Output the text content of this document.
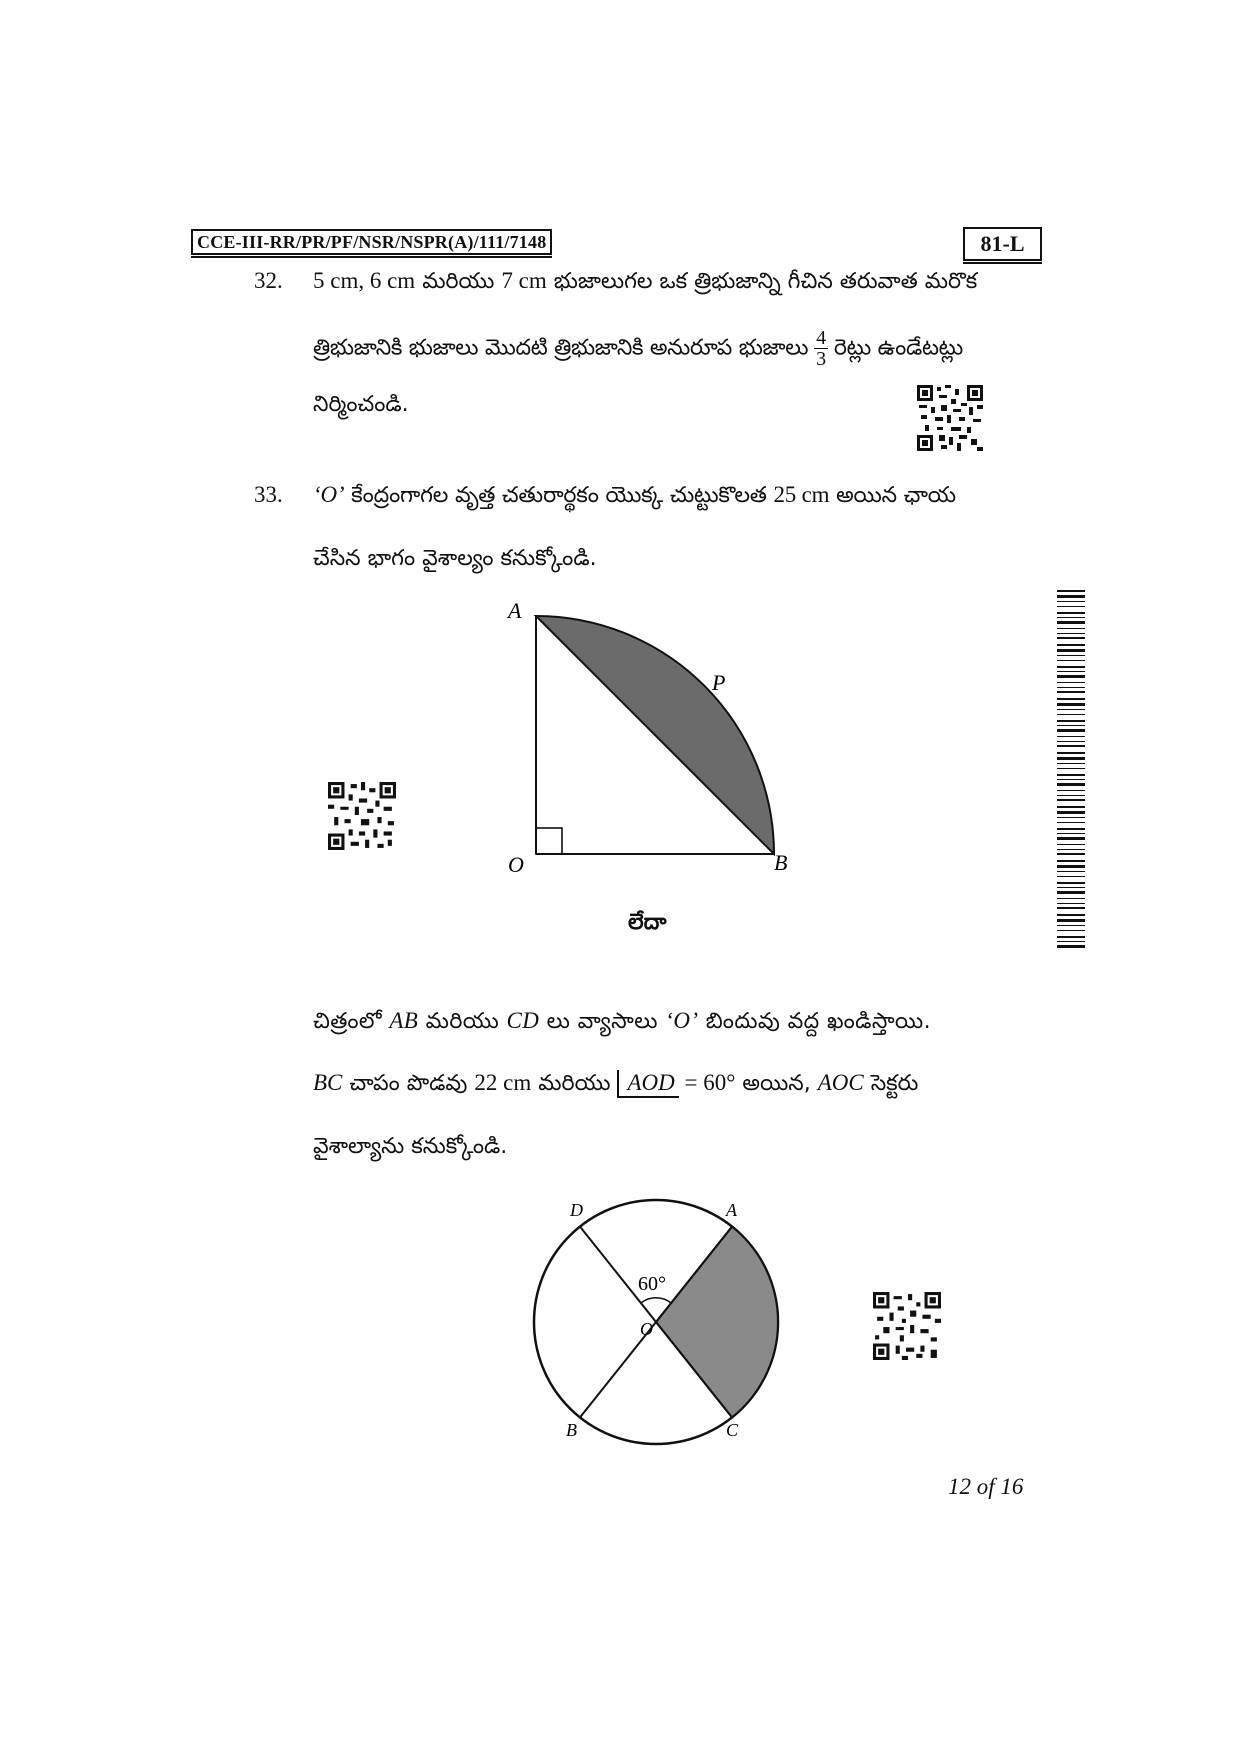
CCE-III-RR/PR/PF/NSR/NSPR(A)/111/7148	81-L
32. 5 cm, 6 cm మరియు 7 cm భుజాలుగల ఒక త్రిభుజాన్ని గీచిన తరువాత మరొక
త్రిభుజానికి భుజాలు మొదటి త్రిభుజానికి అనురూప భుజాలు $\frac{4}{3}$ రెట్లు ఉండేటట్లు
నిర్మించండి.
33. ‘O’ కేంద్రంగాగల వృత్త చతురార్థకం యొక్క చుట్టుకొలత 25 cm అయిన ఛాయ
చేసిన భాగం వైశాల్యం కనుక్కోండి.
A
P
O	B
లేదా
చిత్రంలో AB మరియు CD లు వ్యాసాలు ‘O’ బిందువు వద్ద ఖండిస్తాయి.
BC చాపం పొడవు 22 cm మరియు AOD = 60° అయిన, AOC సెక్టరు
వైశాల్యాను కనుక్కోండి.
D	A
O
B	C
60°
12 of 16
